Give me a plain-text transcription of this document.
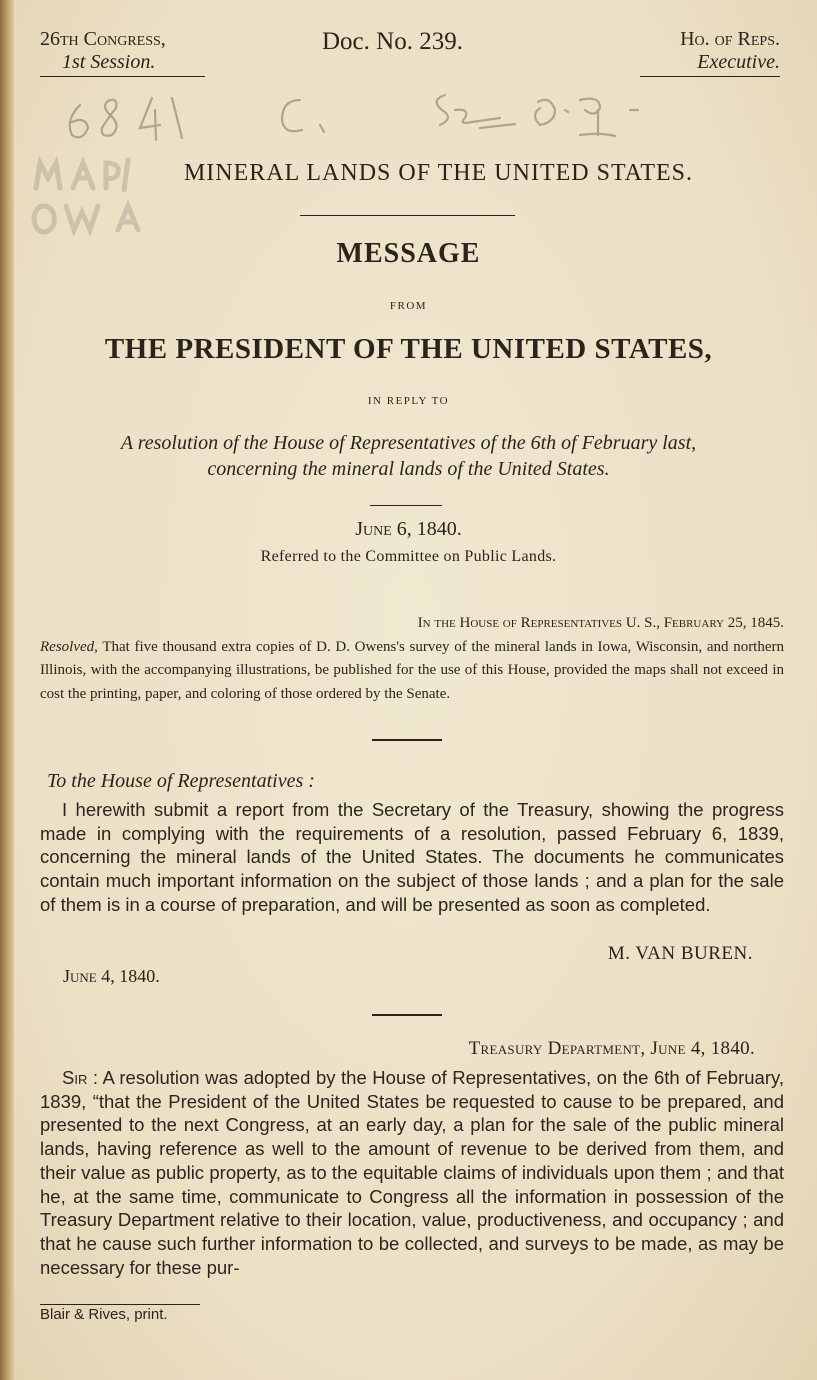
26th Congress,
1st Session.
Doc. No. 239.	Ho. of Reps.
Executive.
MINERAL LANDS OF THE UNITED STATES.
MESSAGE
FROM
THE PRESIDENT OF THE UNITED STATES,
IN REPLY TO
A resolution of the House of Representatives of the 6th of February last,
concerning the mineral lands of the United States.
June 6, 1840.
Referred to the Committee on Public Lands.
In the House of Representatives U. S., February 25, 1845.
Resolved, That five thousand extra copies of D. D. Owens's survey of the mineral lands in Iowa, Wisconsin, and northern Illinois, with the accompanying illustrations, be published for the use of this House, provided the maps shall not exceed in cost the printing, paper, and coloring of those ordered by the Senate.
To the House of Representatives :
I herewith submit a report from the Secretary of the Treasury, showing the progress made in complying with the requirements of a resolution, passed February 6, 1839, concerning the mineral lands of the United States. The documents he communicates contain much important information on the subject of those lands ; and a plan for the sale of them is in a course of preparation, and will be presented as soon as completed.
M. VAN BUREN.
June 4, 1840.
Treasury Department, June 4, 1840.
Sir : A resolution was adopted by the House of Representatives, on the 6th of February, 1839, “that the President of the United States be requested to cause to be prepared, and presented to the next Congress, at an early day, a plan for the sale of the public mineral lands, having reference as well to the amount of revenue to be derived from them, and their value as public property, as to the equitable claims of individuals upon them ; and that he, at the same time, communicate to Congress all the information in possession of the Treasury Department relative to their location, value, productiveness, and occupancy ; and that he cause such further information to be collected, and surveys to be made, as may be necessary for these pur-
Blair & Rives, print.
